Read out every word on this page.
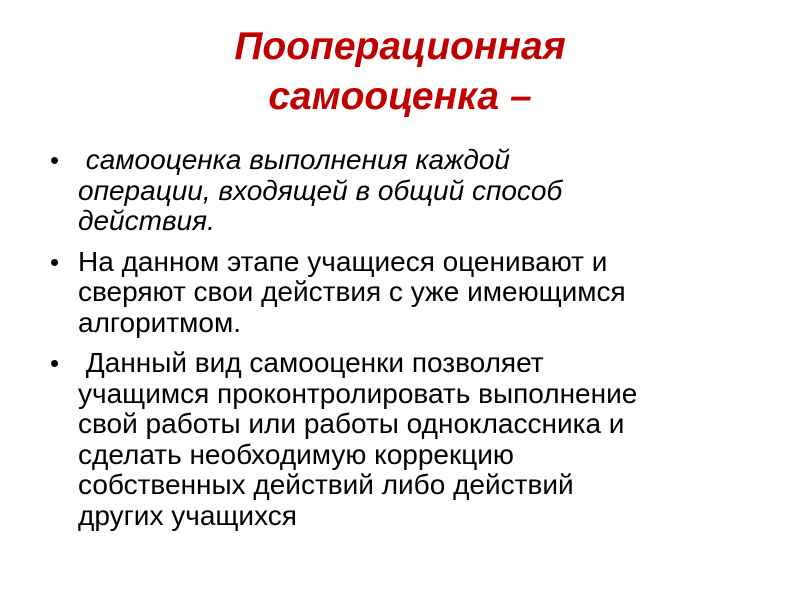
Пооперационная
самооценка –
• самооценка выполнения каждой
операции, входящей в общий способ
действия.
• На данном этапе учащиеся оценивают и
сверяют свои действия с уже имеющимся
алгоритмом.
• Данный вид самооценки позволяет
учащимся проконтролировать выполнение
свой работы или работы одноклассника и
сделать необходимую коррекцию
собственных действий либо действий
других учащихся
